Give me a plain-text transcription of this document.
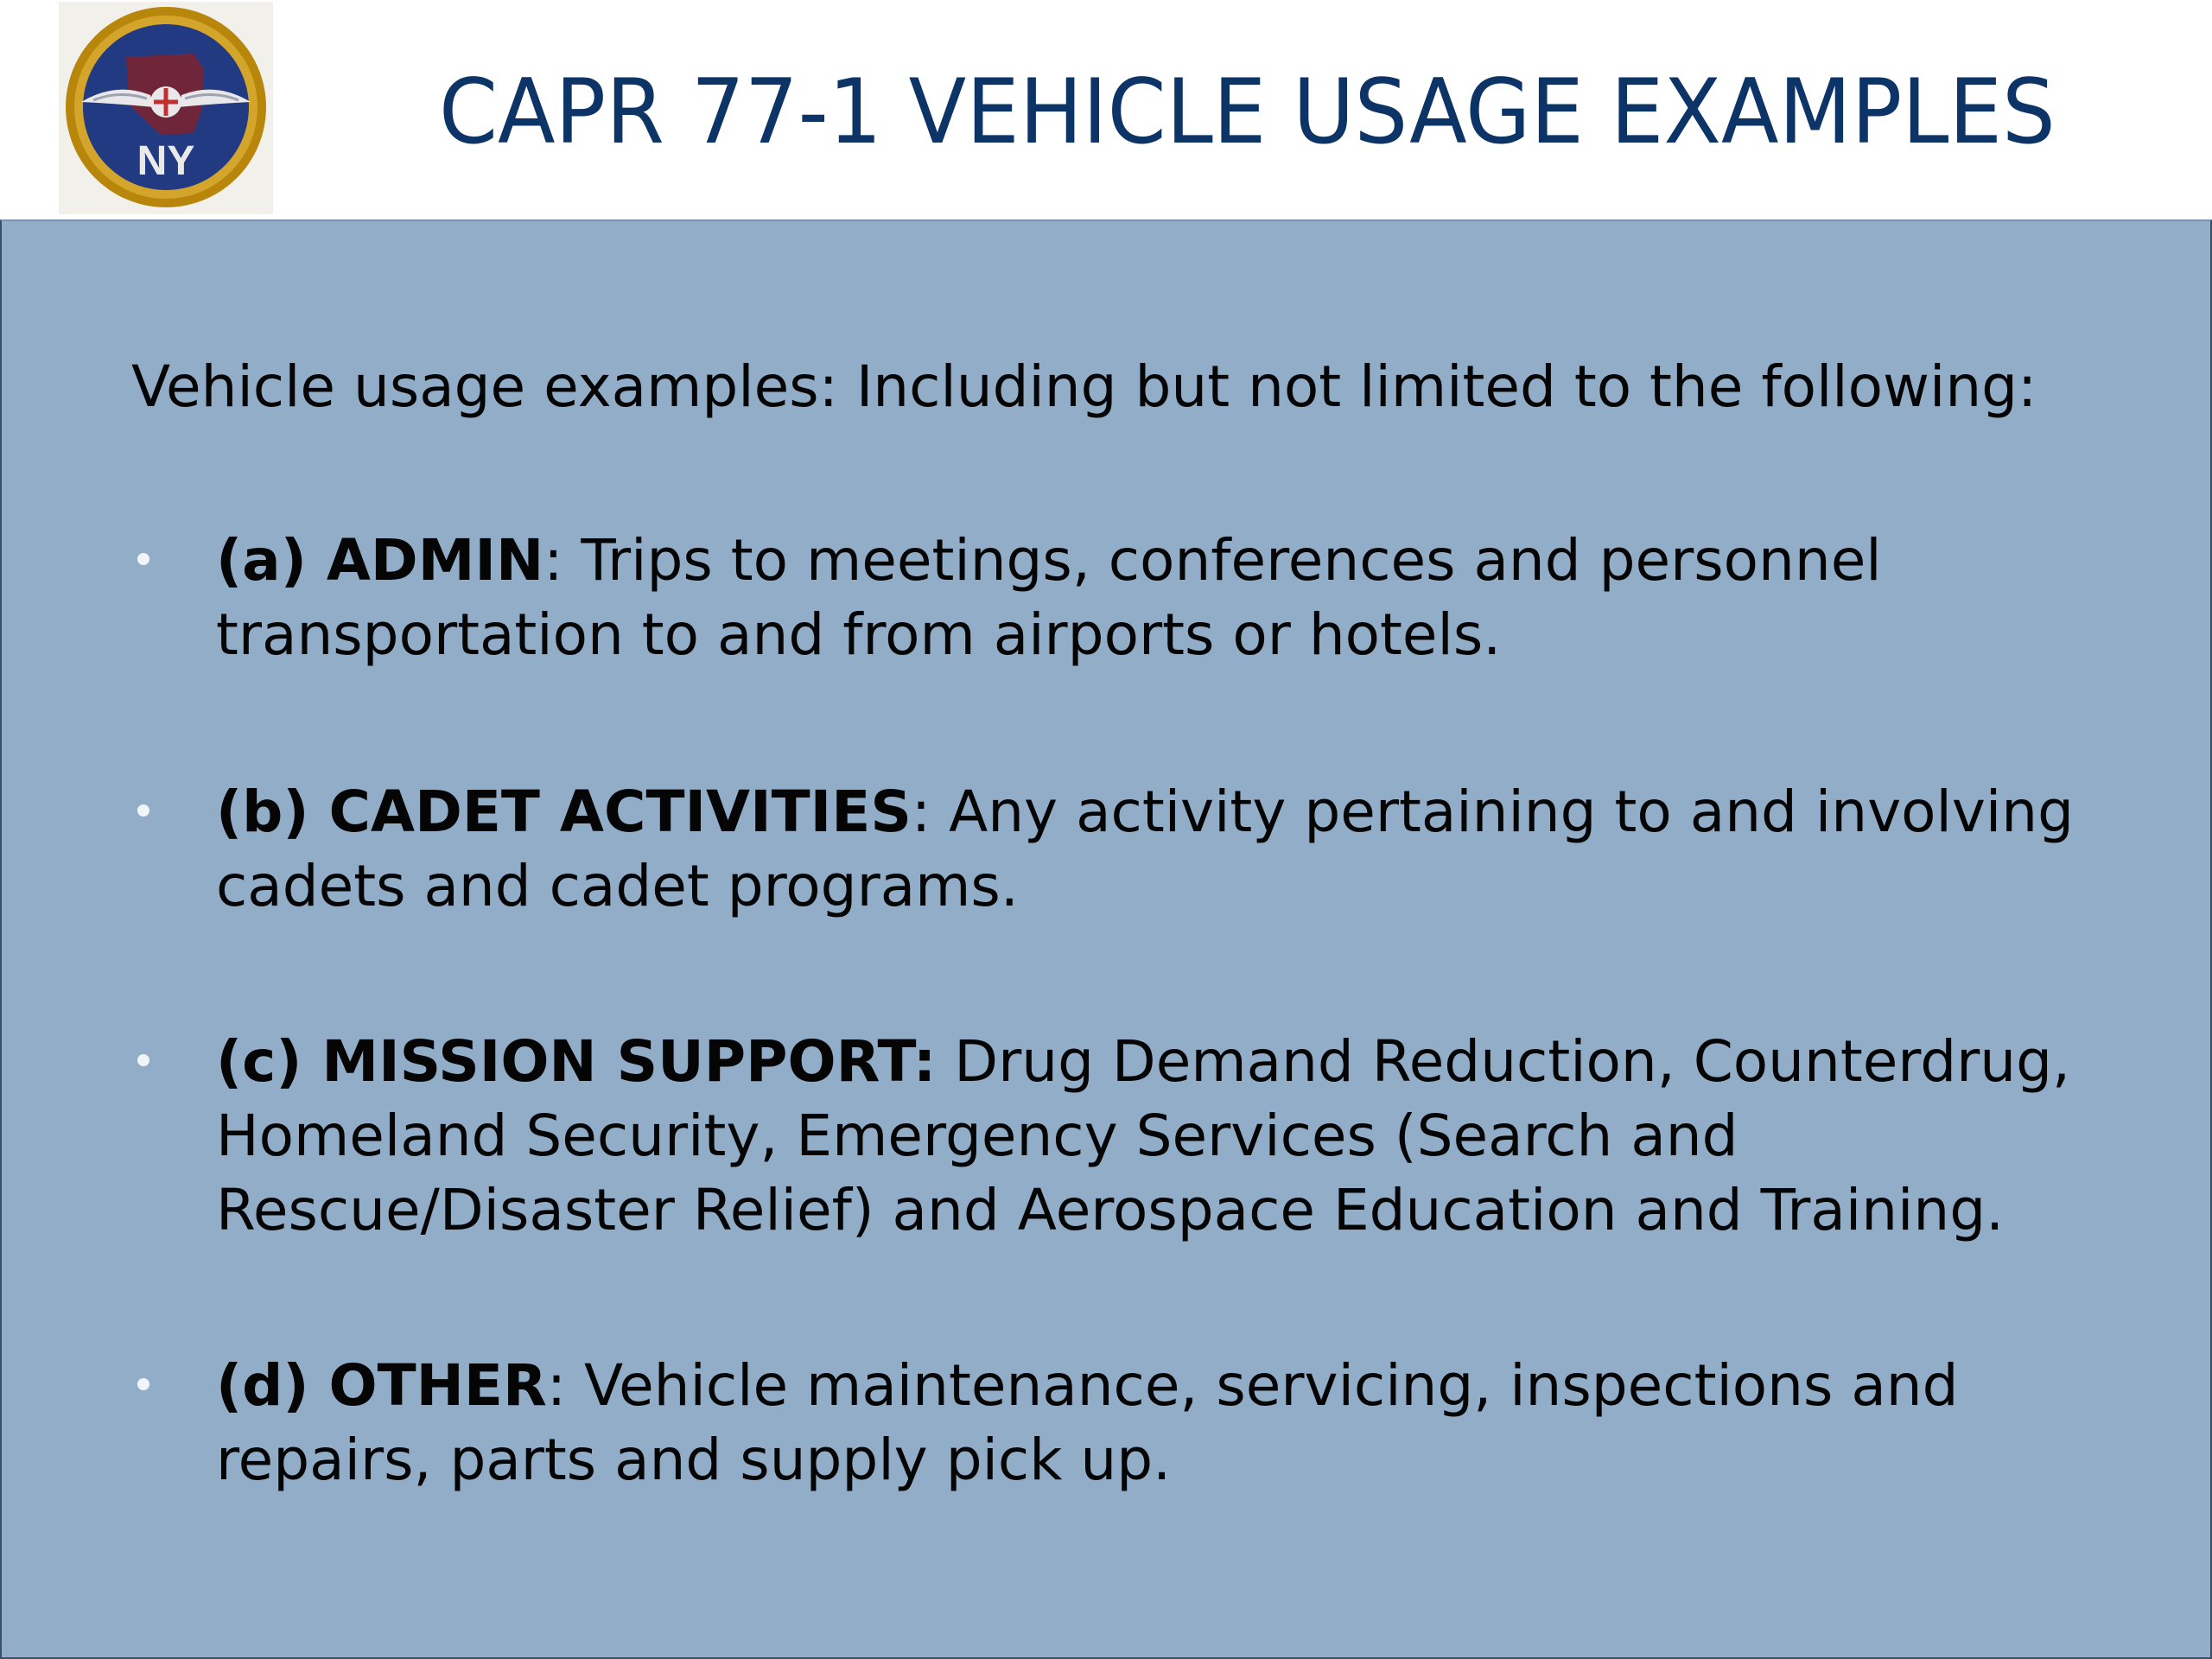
NY	CAPR 77-1 VEHICLE USAGE EXAMPLES

Vehicle usage examples: Including but not limited to the following:

(a) ADMIN: Trips to meetings, conferences and personnel
transportation to and from airports or hotels.

(b) CADET ACTIVITIES: Any activity pertaining to and involving
cadets and cadet programs.

(c) MISSION SUPPORT: Drug Demand Reduction, Counterdrug,
Homeland Security, Emergency Services (Search and
Rescue/Disaster Relief) and Aerospace Education and Training.

(d) OTHER: Vehicle maintenance, servicing, inspections and
repairs, parts and supply pick up.
